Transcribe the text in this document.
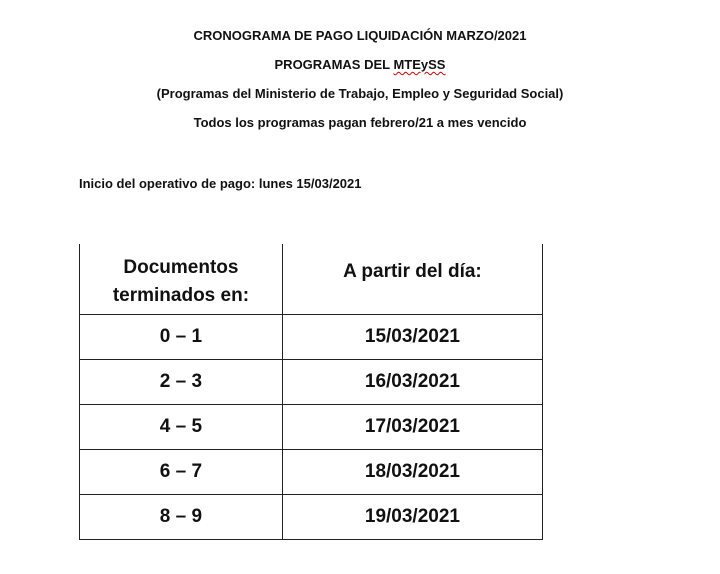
CRONOGRAMA DE PAGO LIQUIDACIÓN MARZO/2021
PROGRAMAS DEL MTEySS
(Programas del Ministerio de Trabajo, Empleo y Seguridad Social)
Todos los programas pagan febrero/21 a mes vencido
Inicio del operativo de pago: lunes 15/03/2021
Documentos
terminados en:	A partir del día:
0 – 1	15/03/2021
2 – 3	16/03/2021
4 – 5	17/03/2021
6 – 7	18/03/2021
8 – 9	19/03/2021
